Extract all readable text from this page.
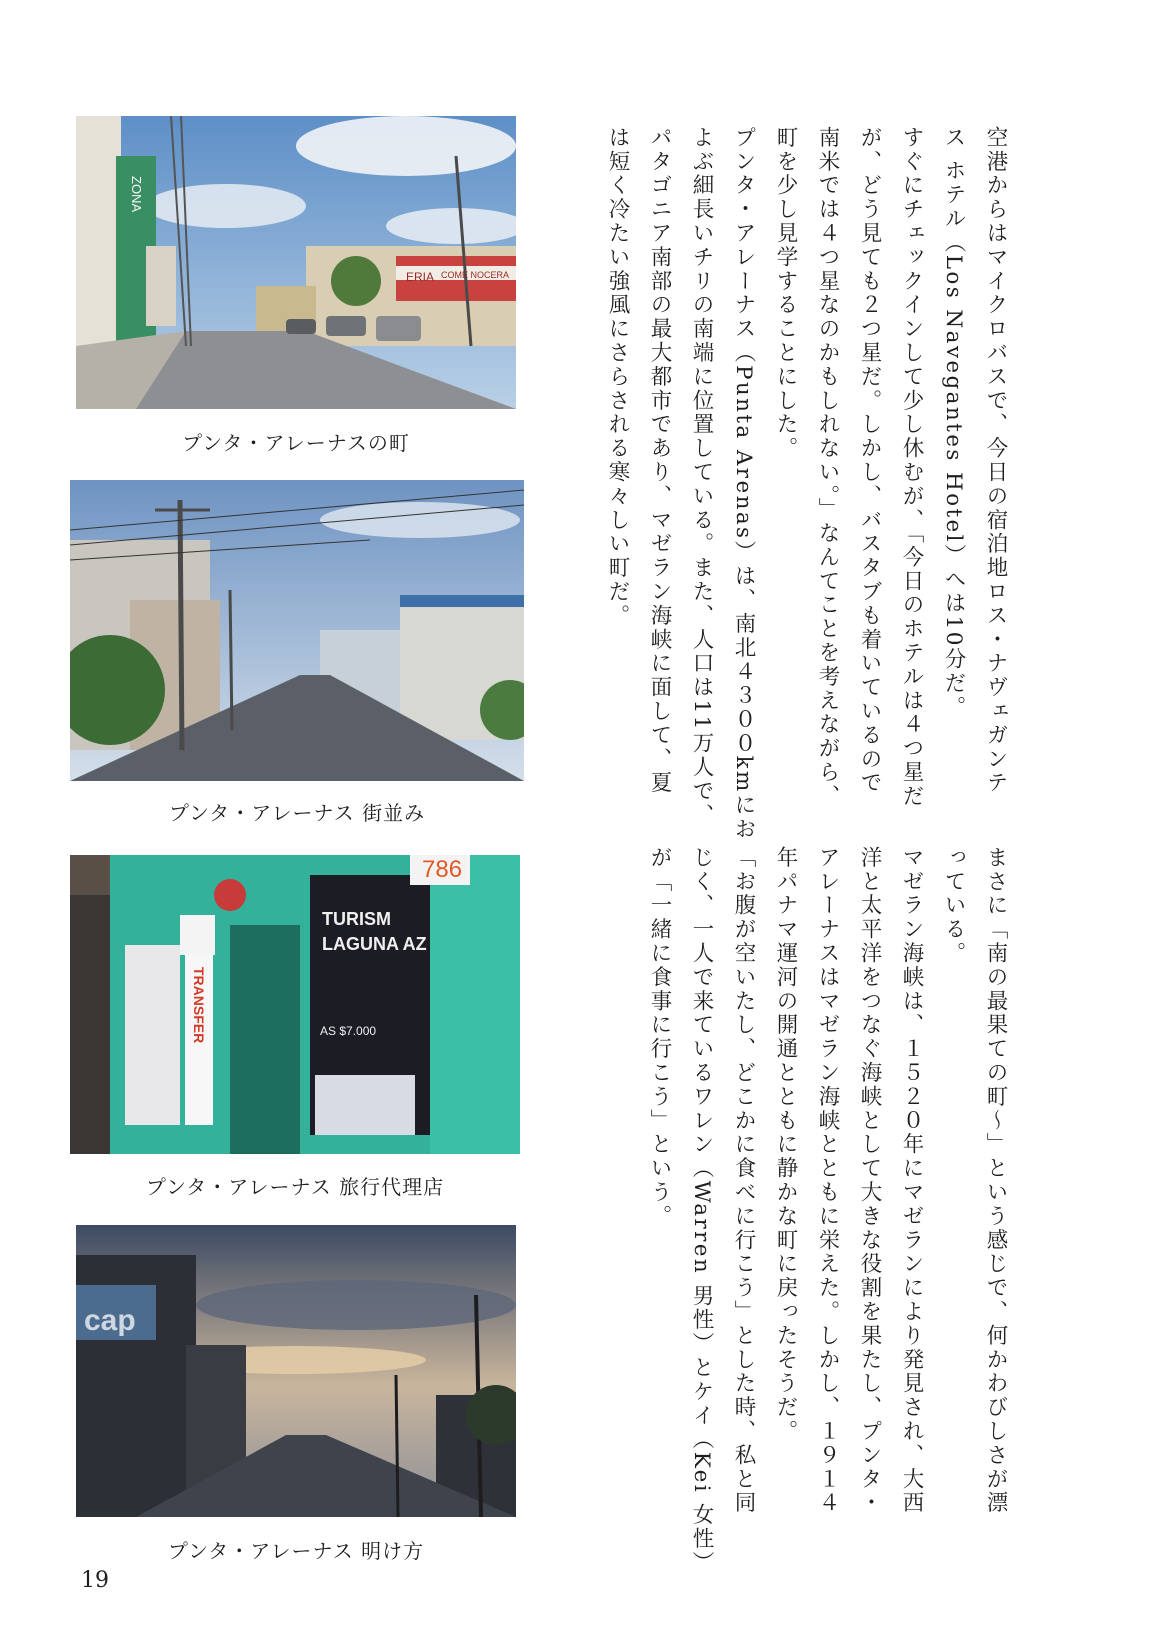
ZONA
ERIA COME NOCERA
プンタ・アレーナスの町
プンタ・アレーナス 街並み
786
TURISM
LAGUNA AZ
TRANSFER	AS $7.000
プンタ・アレーナス 旅行代理店
cap
プンタ・アレーナス 明け方
空港からはマイクロバスで、今日の宿泊地ロス・ナヴェガンテ
ス ホテル（Los Navegantes Hotel）へは10分だ。
すぐにチェックインして少し休むが、「今日のホテルは４つ星だ
が、どう見ても２つ星だ。しかし、バスタブも着いているので
南米では４つ星なのかもしれない。」なんてことを考えながら、
町を少し見学することにした。
プンタ・アレーナス（Punta Arenas）は、南北４３００kmにお
よぶ細長いチリの南端に位置している。また、人口は11万人で、
パタゴニア南部の最大都市であり、マゼラン海峡に面して、夏
は短く冷たい強風にさらされる寒々しい町だ。
まさに「南の最果ての町～」という感じで、何かわびしさが漂
っている。
マゼラン海峡は、１５２０年にマゼランにより発見され、大西
洋と太平洋をつなぐ海峡として大きな役割を果たし、プンタ・
アレーナスはマゼラン海峡とともに栄えた。しかし、１９１４
年パナマ運河の開通とともに静かな町に戻ったそうだ。
「お腹が空いたし、どこかに食べに行こう」とした時、私と同
じく、一人で来ているワレン（Warren 男性）とケイ（Kei 女性）
が「一緒に食事に行こう」という。
19
